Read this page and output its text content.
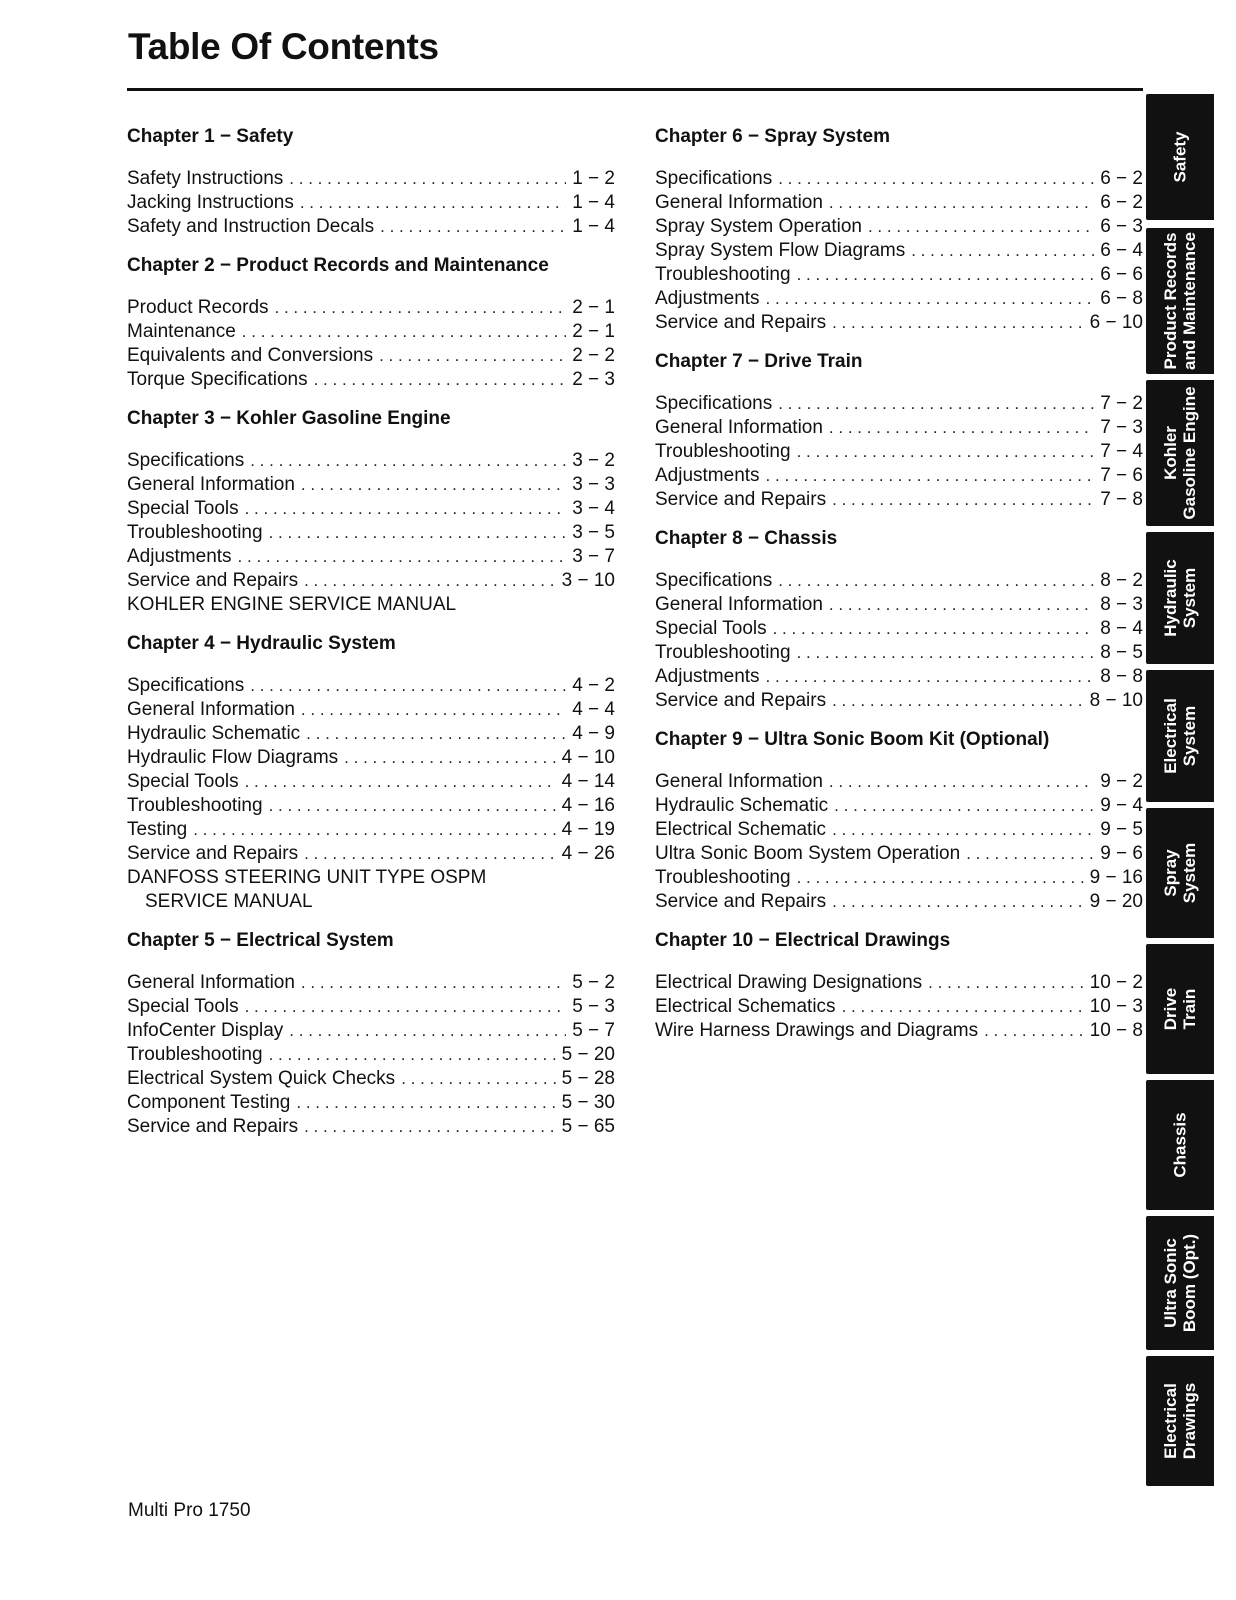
Table Of Contents
Chapter 1 − Safety
Safety Instructions . . .	1 − 2
Jacking Instructions . . .	1 − 4
Safety and Instruction Decals . . .	1 − 4
Chapter 2 − Product Records and Maintenance
Product Records . . .	2 − 1
Maintenance . . .	2 − 1
Equivalents and Conversions . . .	2 − 2
Torque Specifications . . .	2 − 3
Chapter 3 − Kohler Gasoline Engine
Specifications . . .	3 − 2
General Information . . .	3 − 3
Special Tools . . .	3 − 4
Troubleshooting . . .	3 − 5
Adjustments . . .	3 − 7
Service and Repairs . . .	3 − 10
KOHLER ENGINE SERVICE MANUAL
Chapter 4 − Hydraulic System
Specifications . . .	4 − 2
General Information . . .	4 − 4
Hydraulic Schematic . . .	4 − 9
Hydraulic Flow Diagrams . . .	4 − 10
Special Tools . . .	4 − 14
Troubleshooting . . .	4 − 16
Testing . . .	4 − 19
Service and Repairs . . .	4 − 26
DANFOSS STEERING UNIT TYPE OSPM
SERVICE MANUAL
Chapter 5 − Electrical System
General Information . . .	5 − 2
Special Tools . . .	5 − 3
InfoCenter Display . . .	5 − 7
Troubleshooting . . .	5 − 20
Electrical System Quick Checks . . .	5 − 28
Component Testing . . .	5 − 30
Service and Repairs . . .	5 − 65
Chapter 6 − Spray System
Specifications . . .	6 − 2
General Information . . .	6 − 2
Spray System Operation . . .	6 − 3
Spray System Flow Diagrams . . .	6 − 4
Troubleshooting . . .	6 − 6
Adjustments . . .	6 − 8
Service and Repairs . . .	6 − 10
Chapter 7 − Drive Train
Specifications . . .	7 − 2
General Information . . .	7 − 3
Troubleshooting . . .	7 − 4
Adjustments . . .	7 − 6
Service and Repairs . . .	7 − 8
Chapter 8 − Chassis
Specifications . . .	8 − 2
General Information . . .	8 − 3
Special Tools . . .	8 − 4
Troubleshooting . . .	8 − 5
Adjustments . . .	8 − 8
Service and Repairs . . .	8 − 10
Chapter 9 − Ultra Sonic Boom Kit (Optional)
General Information . . .	9 − 2
Hydraulic Schematic . . .	9 − 4
Electrical Schematic . . .	9 − 5
Ultra Sonic Boom System Operation . . .	9 − 6
Troubleshooting . . .	9 − 16
Service and Repairs . . .	9 − 20
Chapter 10 − Electrical Drawings
Electrical Drawing Designations . . .	10 − 2
Electrical Schematics . . .	10 − 3
Wire Harness Drawings and Diagrams . . .	10 − 8
Safety
Product Records and Maintenance
Kohler Gasoline Engine
Hydraulic System
Electrical System
Spray System
Drive Train
Chassis
Ultra Sonic Boom (Opt.)
Electrical Drawings
Multi Pro 1750
